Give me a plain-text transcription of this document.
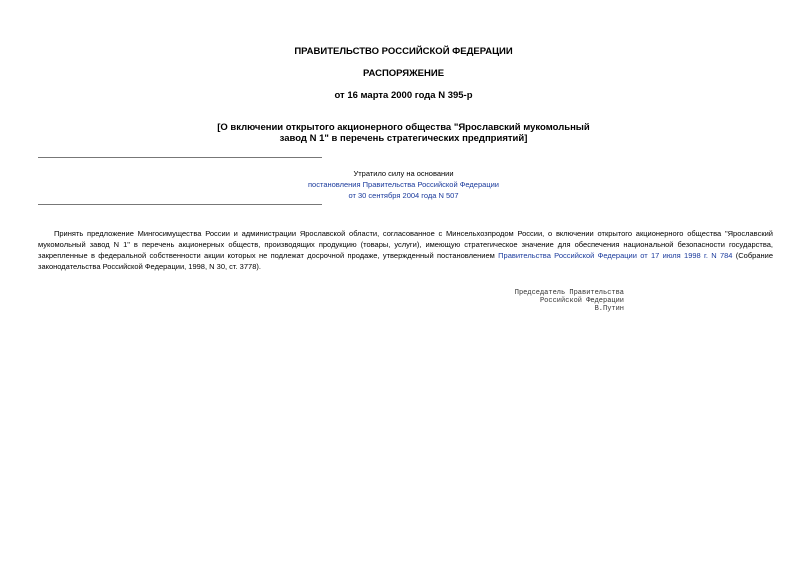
ПРАВИТЕЛЬСТВО РОССИЙСКОЙ ФЕДЕРАЦИИ
РАСПОРЯЖЕНИЕ
от 16 марта 2000 года N 395-р
[О включении открытого акционерного общества "Ярославский мукомольный
завод N 1" в перечень стратегических предприятий]
Утратило силу на основании
постановления Правительства Российской Федерации
от 30 сентября 2004 года N 507

Принять предложение Мингосимущества России и администрации Ярославской области, согласованное с Минсельхозпродом России, о включении открытого акционерного общества "Ярославский мукомольный завод N 1" в перечень акционерных обществ, производящих продукцию (товары, услуги), имеющую стратегическое значение для обеспечения национальной безопасности государства, закрепленные в федеральной собственности акции которых не подлежат досрочной продаже, утвержденный постановлением Правительства Российской Федерации от 17 июля 1998 г. N 784 (Собрание законодательства Российской Федерации, 1998, N 30, ст. 3778).

Председатель Правительства
Российской Федерации
В.Путин
